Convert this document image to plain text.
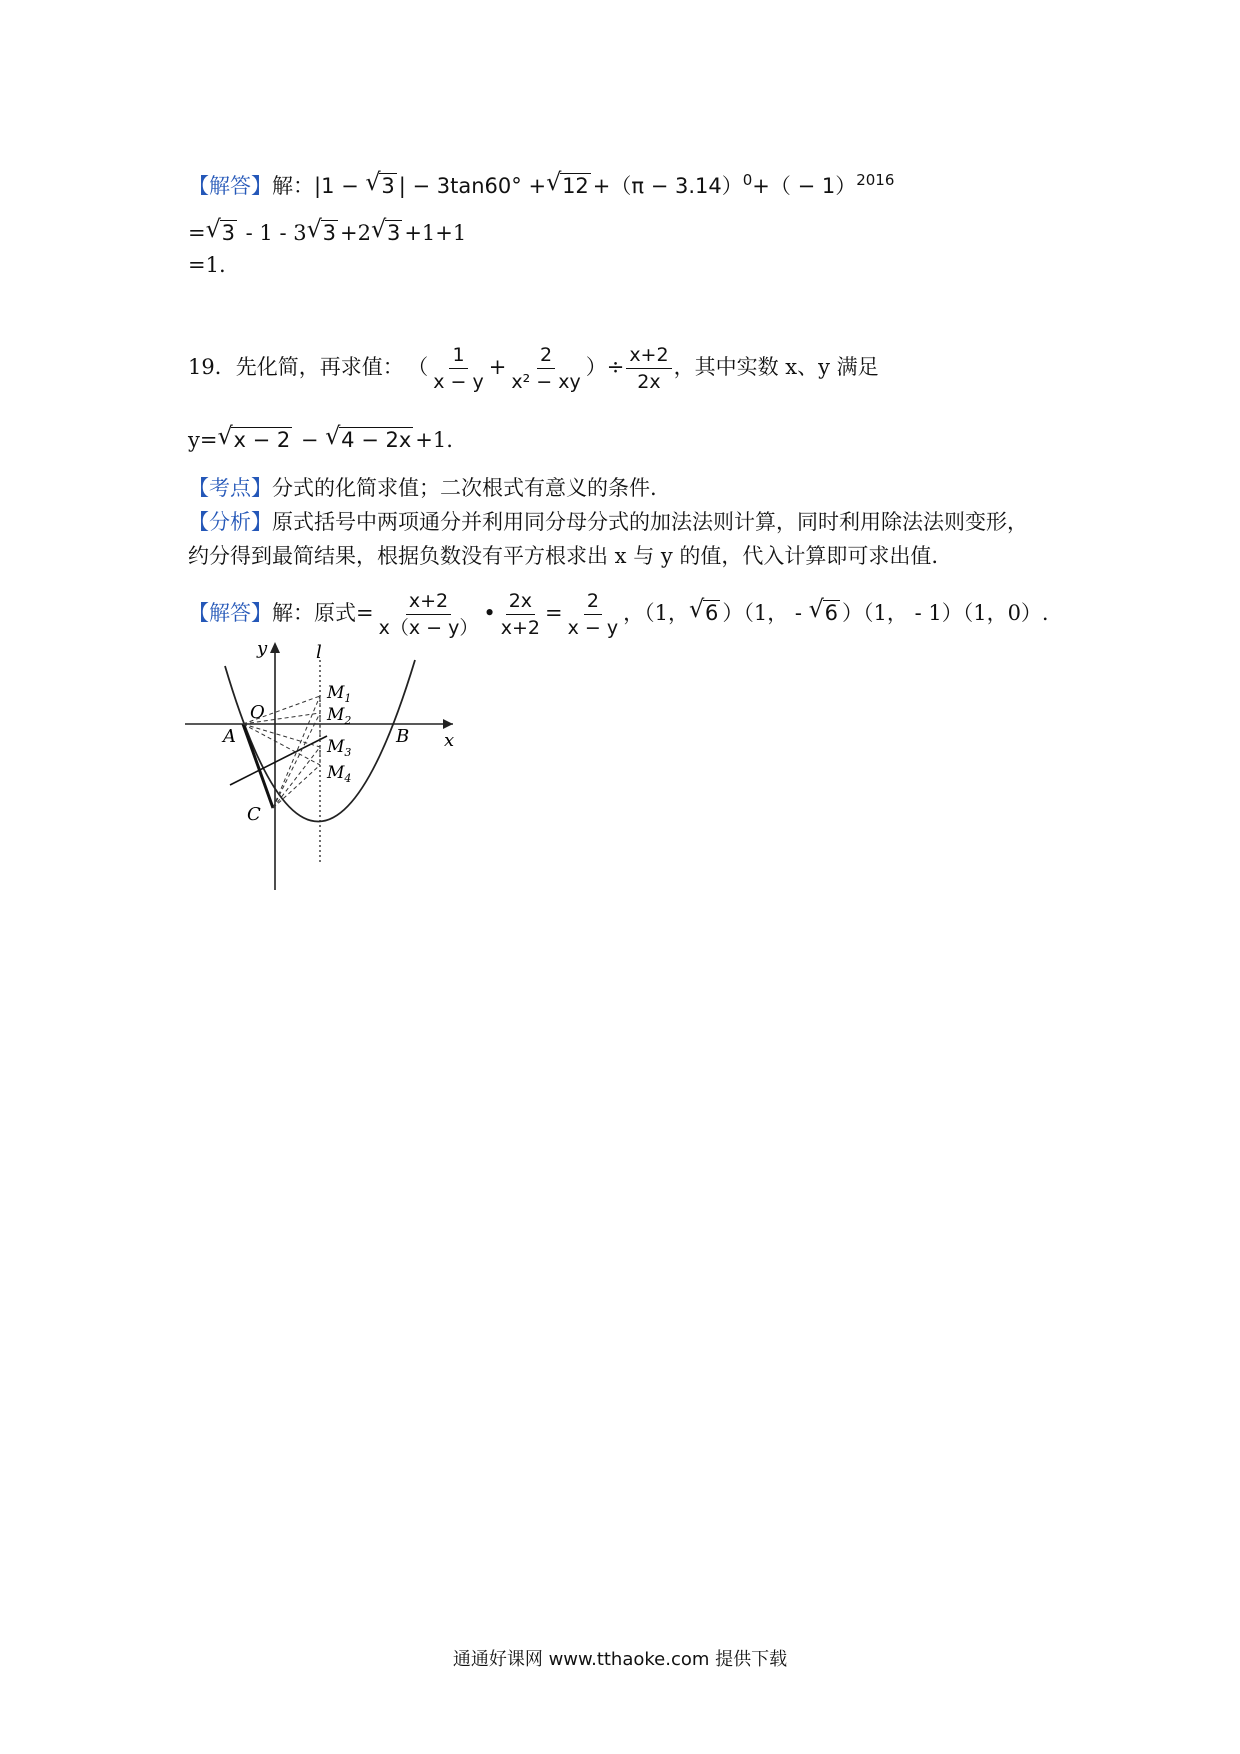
【解答】解：|1 − √ 3 | − 3tan60° + √ $12 +(\pi - 3.14)^0+( - 1)^{2016}$
= √ 3 - 1 - 3 √ 3 +2 √ 3 +1+1
=1.
19．先化简，再求值： （ $\frac{1}{x - y} + \frac{2}{\text{x² − xy}}$ ）÷ $\frac{x+2}{2x}$ ，其中实数 x、y 满足
y= √ x − 2 − √ 4 − 2x +1.
【考点】分式的化简求值；二次根式有意义的条件.
【分析】原式括号中两项通分并利用同分母分式的加法法则计算，同时利用除法法则变形，
约分得到最简结果，根据负数没有平方根求出 x 与 y 的值，代入计算即可求出值.
【解答】解：原式= $\frac{x+2}{x(x - y)}$ • $\frac{2x}{x+2} = \frac{2}{x - y}$ ，（1， √ 6 ）（1， - √ 6 ）（1， - 1）（1，0）.
y	l
O
A	B x
C
$M_1$
$M_2$
$M_3$
$M_4$
通通好课网 www.tthaoke.com 提供下载
